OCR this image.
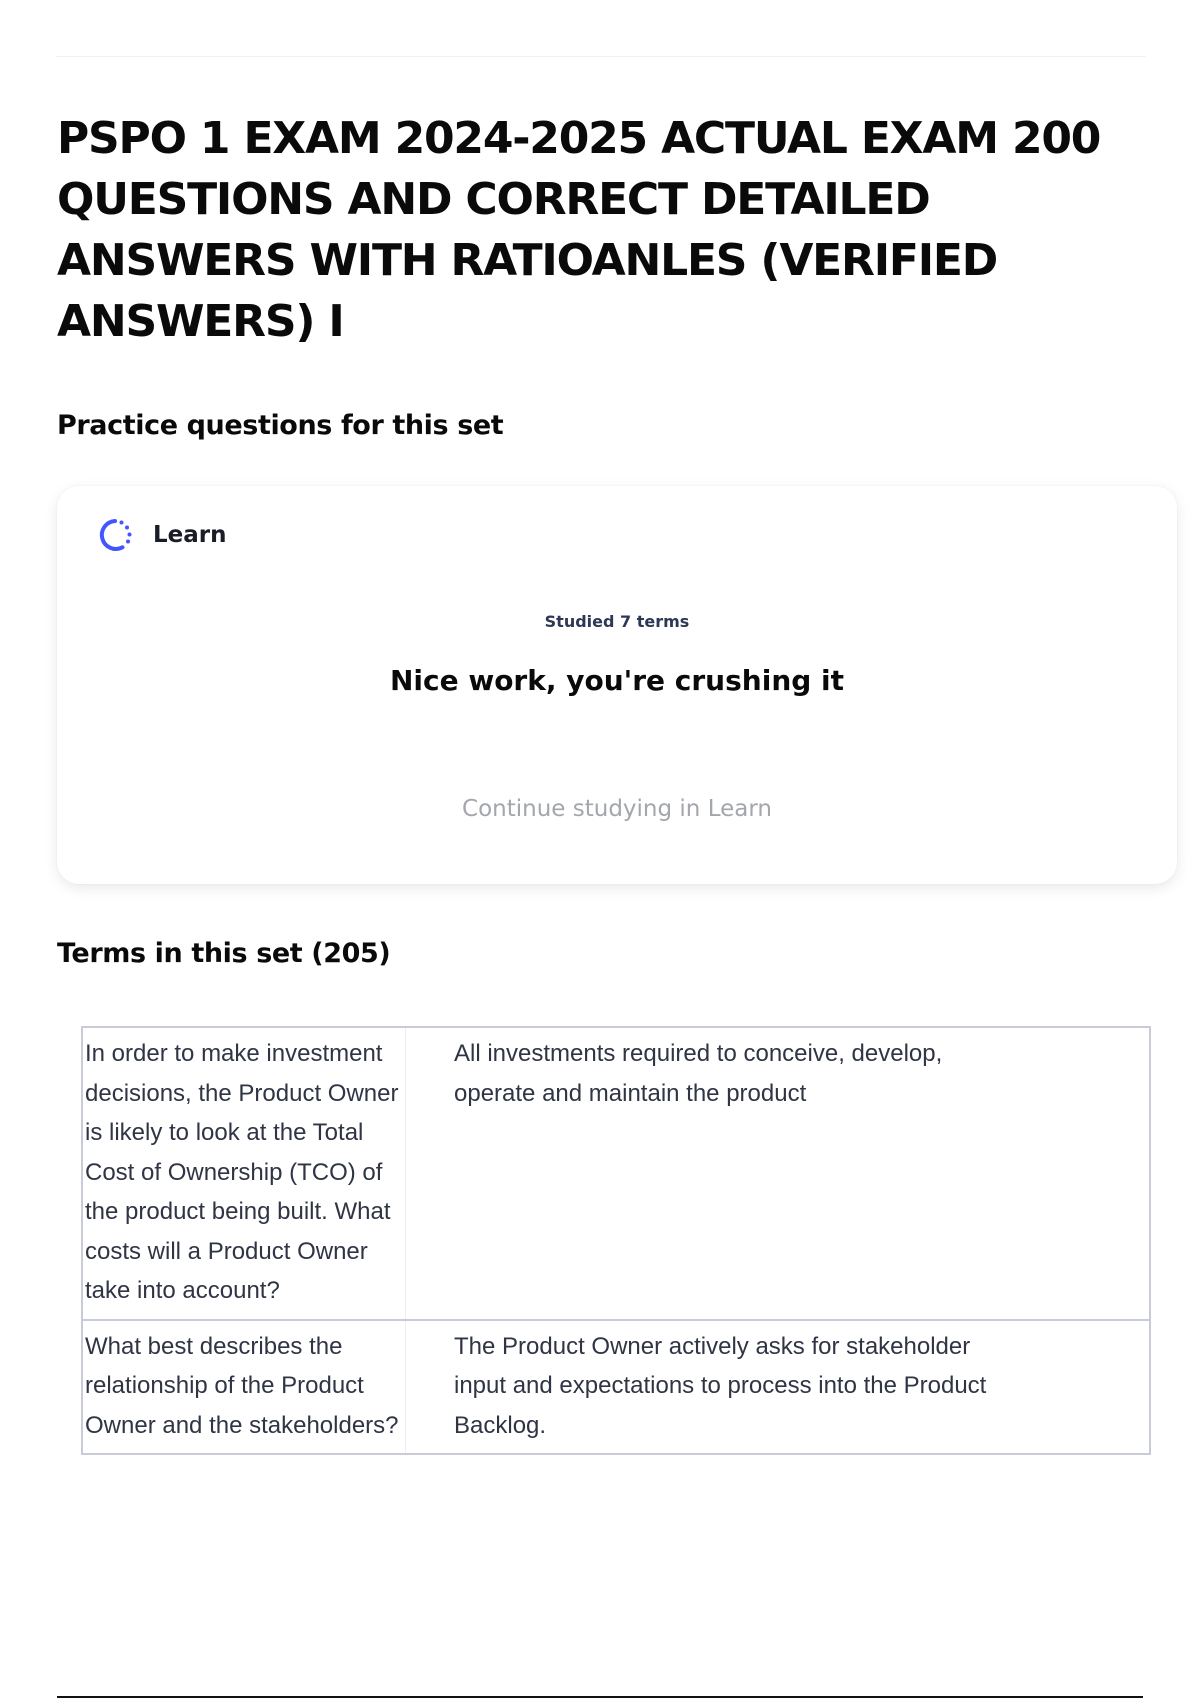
PSPO 1 EXAM 2024-2025 ACTUAL EXAM 200 QUESTIONS AND CORRECT DETAILED ANSWERS WITH RATIOANLES (VERIFIED ANSWERS) I
Practice questions for this set
Learn
Studied 7 terms
Nice work, you're crushing it
Continue studying in Learn
Terms in this set (205)
In order to make investment decisions, the Product Owner is likely to look at the Total Cost of Ownership (TCO) of the product being built. What costs will a Product Owner take into account?	All investments required to conceive, develop, operate and maintain the product
What best describes the relationship of the Product Owner and the stakeholders?	The Product Owner actively asks for stakeholder input and expectations to process into the Product Backlog.
